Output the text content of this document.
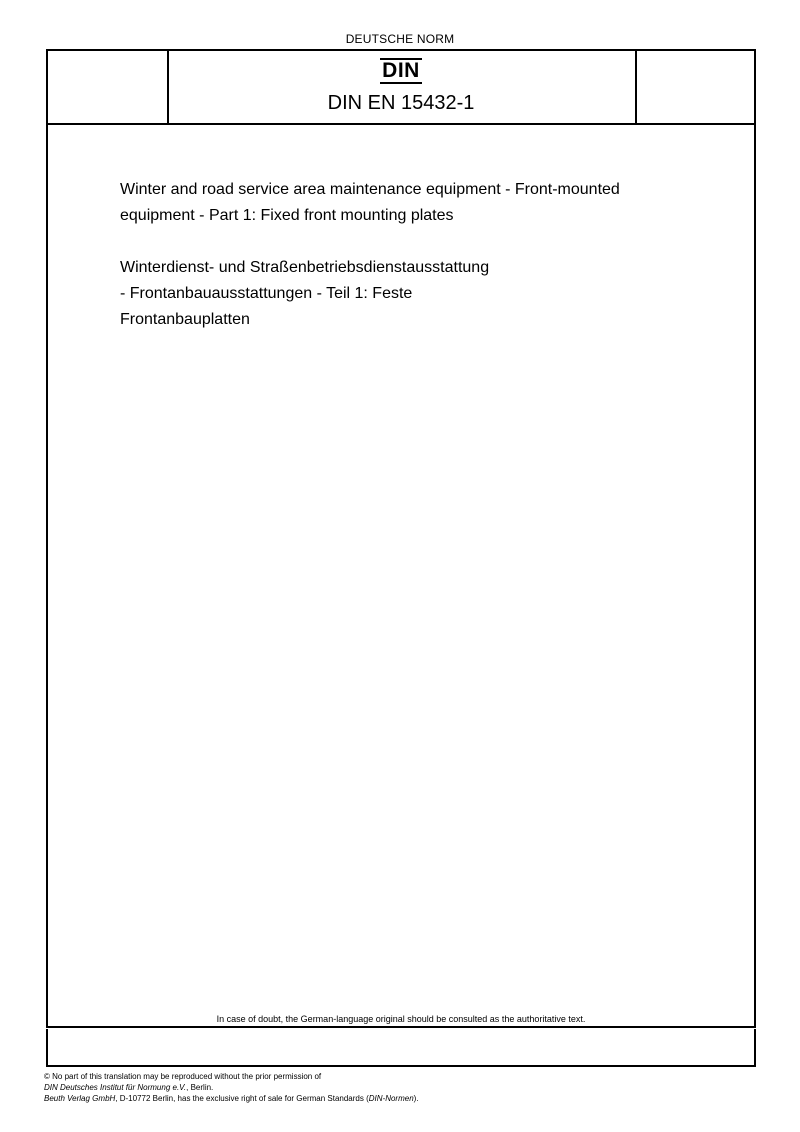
DEUTSCHE NORM
DIN
DIN EN 15432-1
Winter and road service area maintenance equipment - Front-mounted
equipment - Part 1: Fixed front mounting plates
Winterdienst- und Straßenbetriebsdienstausstattung
- Frontanbauausstattungen - Teil 1: Feste
Frontanbauplatten
In case of doubt, the German-language original should be consulted as the authoritative text.
© No part of this translation may be reproduced without the prior permission of
DIN Deutsches Institut für Normung e.V., Berlin.
Beuth Verlag GmbH, D-10772 Berlin, has the exclusive right of sale for German Standards (DIN-Normen).
